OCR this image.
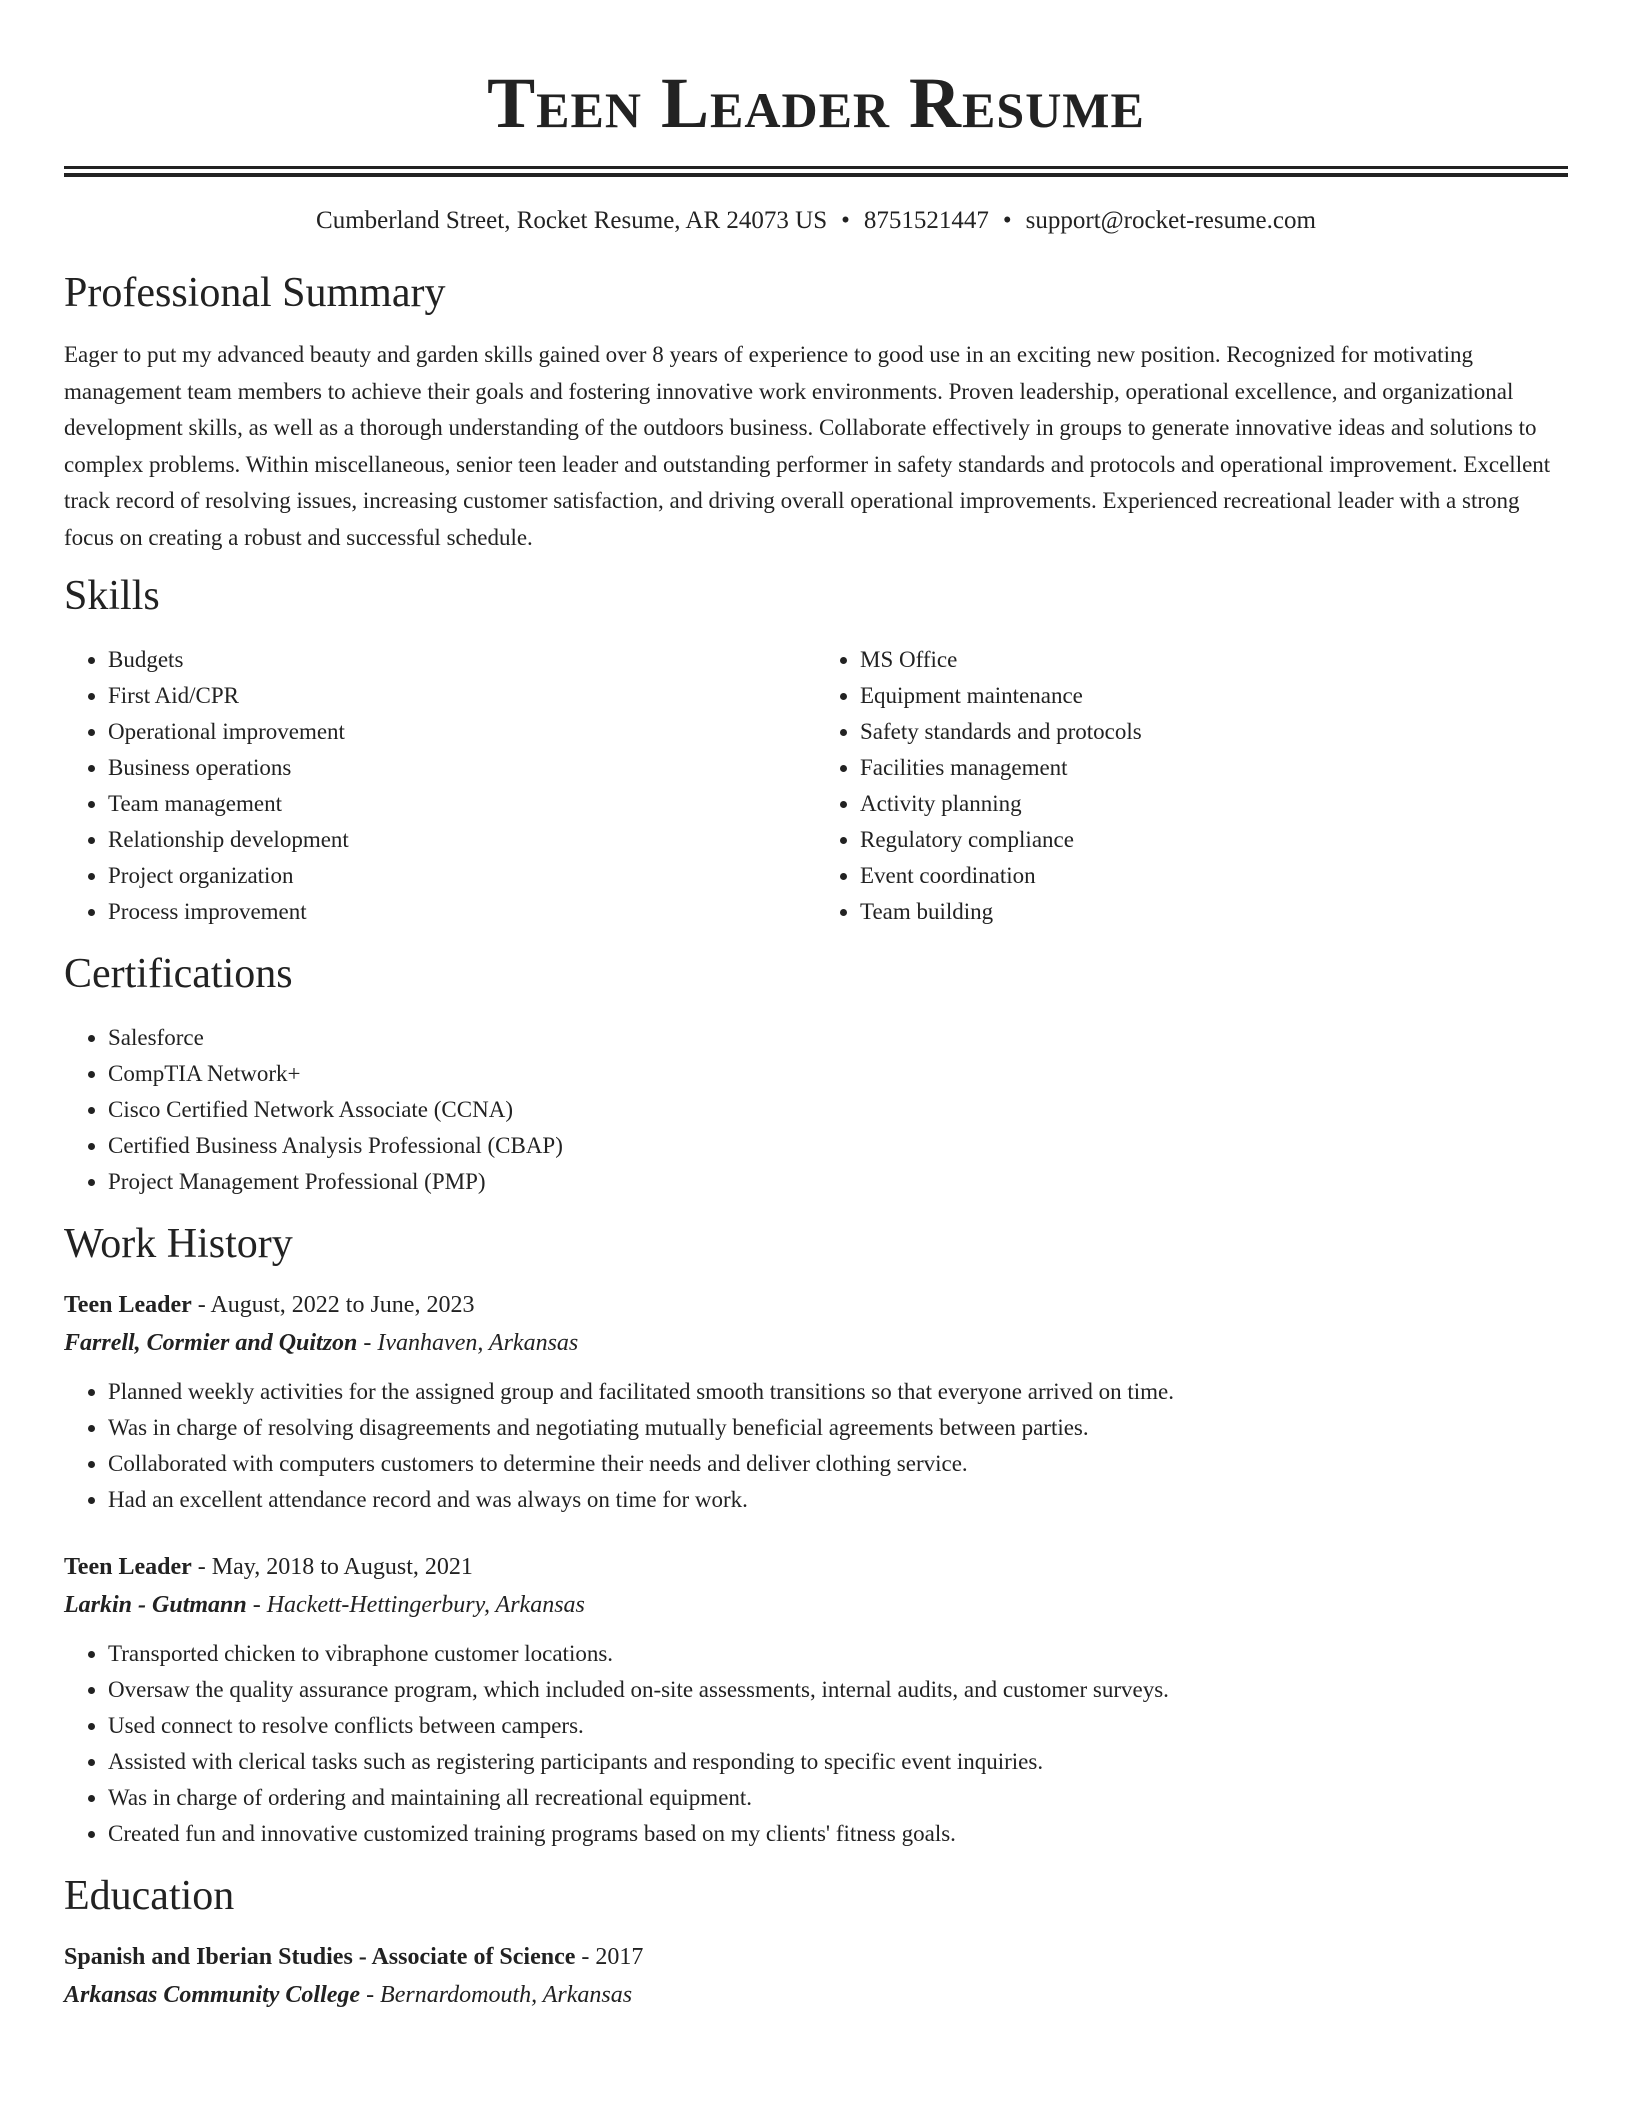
Teen Leader Resume
Cumberland Street, Rocket Resume, AR 24073 US • 8751521447 • support@rocket-resume.com
Professional Summary

Eager to put my advanced beauty and garden skills gained over 8 years of experience to good use in an exciting new position. Recognized for motivating management team members to achieve their goals and fostering innovative work environments. Proven leadership, operational excellence, and organizational development skills, as well as a thorough understanding of the outdoors business. Collaborate effectively in groups to generate innovative ideas and solutions to complex problems. Within miscellaneous, senior teen leader and outstanding performer in safety standards and protocols and operational improvement. Excellent track record of resolving issues, increasing customer satisfaction, and driving overall operational improvements. Experienced recreational leader with a strong focus on creating a robust and successful schedule.

Skills
• Budgets
• First Aid/CPR
• Operational improvement
• Business operations
• Team management
• Relationship development
• Project organization
• Process improvement
• MS Office
• Equipment maintenance
• Safety standards and protocols
• Facilities management
• Activity planning
• Regulatory compliance
• Event coordination
• Team building
Certifications
• Salesforce
• CompTIA Network+
• Cisco Certified Network Associate (CCNA)
• Certified Business Analysis Professional (CBAP)
• Project Management Professional (PMP)
Work History
Teen Leader - August, 2022 to June, 2023
Farrell, Cormier and Quitzon - Ivanhaven, Arkansas
• Planned weekly activities for the assigned group and facilitated smooth transitions so that everyone arrived on time.
• Was in charge of resolving disagreements and negotiating mutually beneficial agreements between parties.
• Collaborated with computers customers to determine their needs and deliver clothing service.
• Had an excellent attendance record and was always on time for work.
Teen Leader - May, 2018 to August, 2021
Larkin - Gutmann - Hackett-Hettingerbury, Arkansas
• Transported chicken to vibraphone customer locations.
• Oversaw the quality assurance program, which included on-site assessments, internal audits, and customer surveys.
• Used connect to resolve conflicts between campers.
• Assisted with clerical tasks such as registering participants and responding to specific event inquiries.
• Was in charge of ordering and maintaining all recreational equipment.
• Created fun and innovative customized training programs based on my clients' fitness goals.
Education
Spanish and Iberian Studies - Associate of Science - 2017
Arkansas Community College - Bernardomouth, Arkansas
